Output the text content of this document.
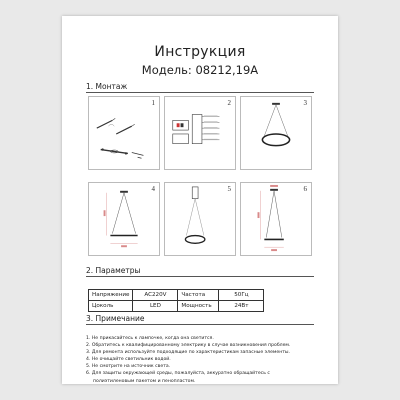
Инструкция
Модель: 08212,19A
1. Монтаж
1	2	3
4	5	6
2. Параметры
Напряжение	AC220V	Частота	50Гц
Цоколь	LED	Мощность	24Вт
3. Примечание
1. Не прикасайтесь к лампочке, когда она светится.
2. Обратитесь к квалифицированному электрику в случае возникновения проблем.
3. Для ремонта используйте подходящие по характеристикам запасные элементы.
4. Не очищайте светильник водой.
5. Не смотрите на источник света.
6. Для защиты окружающей среды, пожалуйста, аккуратно обращайтесь с
полиэтиленовым пакетом и пенопластом.
